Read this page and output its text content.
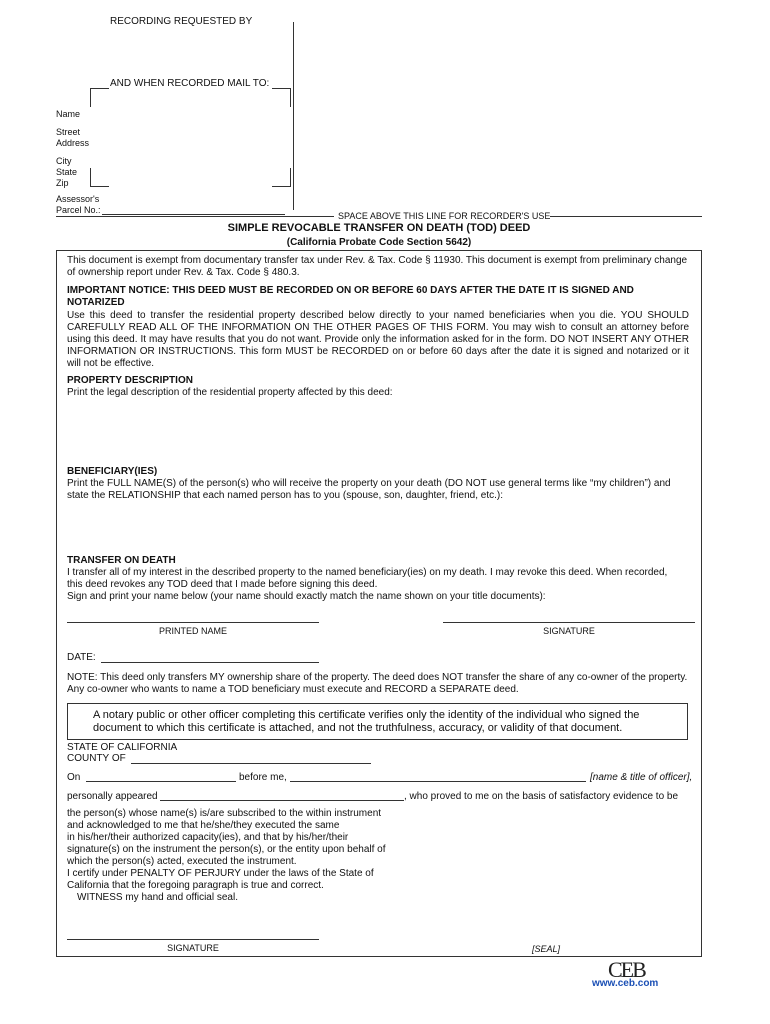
RECORDING REQUESTED BY
AND WHEN RECORDED MAIL TO:
Name
Street
Address
City
State
Zip
Assessor's
Parcel No.:
SPACE ABOVE THIS LINE FOR RECORDER'S USE
SIMPLE REVOCABLE TRANSFER ON DEATH (TOD) DEED
(California Probate Code Section 5642)
This document is exempt from documentary transfer tax under Rev. & Tax. Code § 11930. This document is exempt from preliminary change of ownership report under Rev. & Tax. Code § 480.3.
IMPORTANT NOTICE: THIS DEED MUST BE RECORDED ON OR BEFORE 60 DAYS AFTER THE DATE IT IS SIGNED AND NOTARIZED
Use this deed to transfer the residential property described below directly to your named beneficiaries when you die. YOU SHOULD CAREFULLY READ ALL OF THE INFORMATION ON THE OTHER PAGES OF THIS FORM. You may wish to consult an attorney before using this deed. It may have results that you do not want. Provide only the information asked for in the form. DO NOT INSERT ANY OTHER INFORMATION OR INSTRUCTIONS. This form MUST be RECORDED on or before 60 days after the date it is signed and notarized or it will not be effective.
PROPERTY DESCRIPTION
Print the legal description of the residential property affected by this deed:
BENEFICIARY(IES)
Print the FULL NAME(S) of the person(s) who will receive the property on your death (DO NOT use general terms like “my children”) and state the RELATIONSHIP that each named person has to you (spouse, son, daughter, friend, etc.):
TRANSFER ON DEATH
I transfer all of my interest in the described property to the named beneficiary(ies) on my death. I may revoke this deed. When recorded,
this deed revokes any TOD deed that I made before signing this deed.
Sign and print your name below (your name should exactly match the name shown on your title documents):
PRINTED NAME	SIGNATURE
DATE:
NOTE: This deed only transfers MY ownership share of the property. The deed does NOT transfer the share of any co-owner of the property. Any co-owner who wants to name a TOD beneficiary must execute and RECORD a SEPARATE deed.
A notary public or other officer completing this certificate verifies only the identity of the individual who signed the document to which this certificate is attached, and not the truthfulness, accuracy, or validity of that document.
STATE OF CALIFORNIA
COUNTY OF
On	before me,	[name & title of officer],
personally appeared	, who proved to me on the basis of satisfactory evidence to be
the person(s) whose name(s) is/are subscribed to the within instrument
and acknowledged to me that he/she/they executed the same
in his/her/their authorized capacity(ies), and that by his/her/their
signature(s) on the instrument the person(s), or the entity upon behalf of
which the person(s) acted, executed the instrument.
I certify under PENALTY OF PERJURY under the laws of the State of
California that the foregoing paragraph is true and correct.
WITNESS my hand and official seal.
SIGNATURE	[SEAL]
CEB
www.ceb.com
